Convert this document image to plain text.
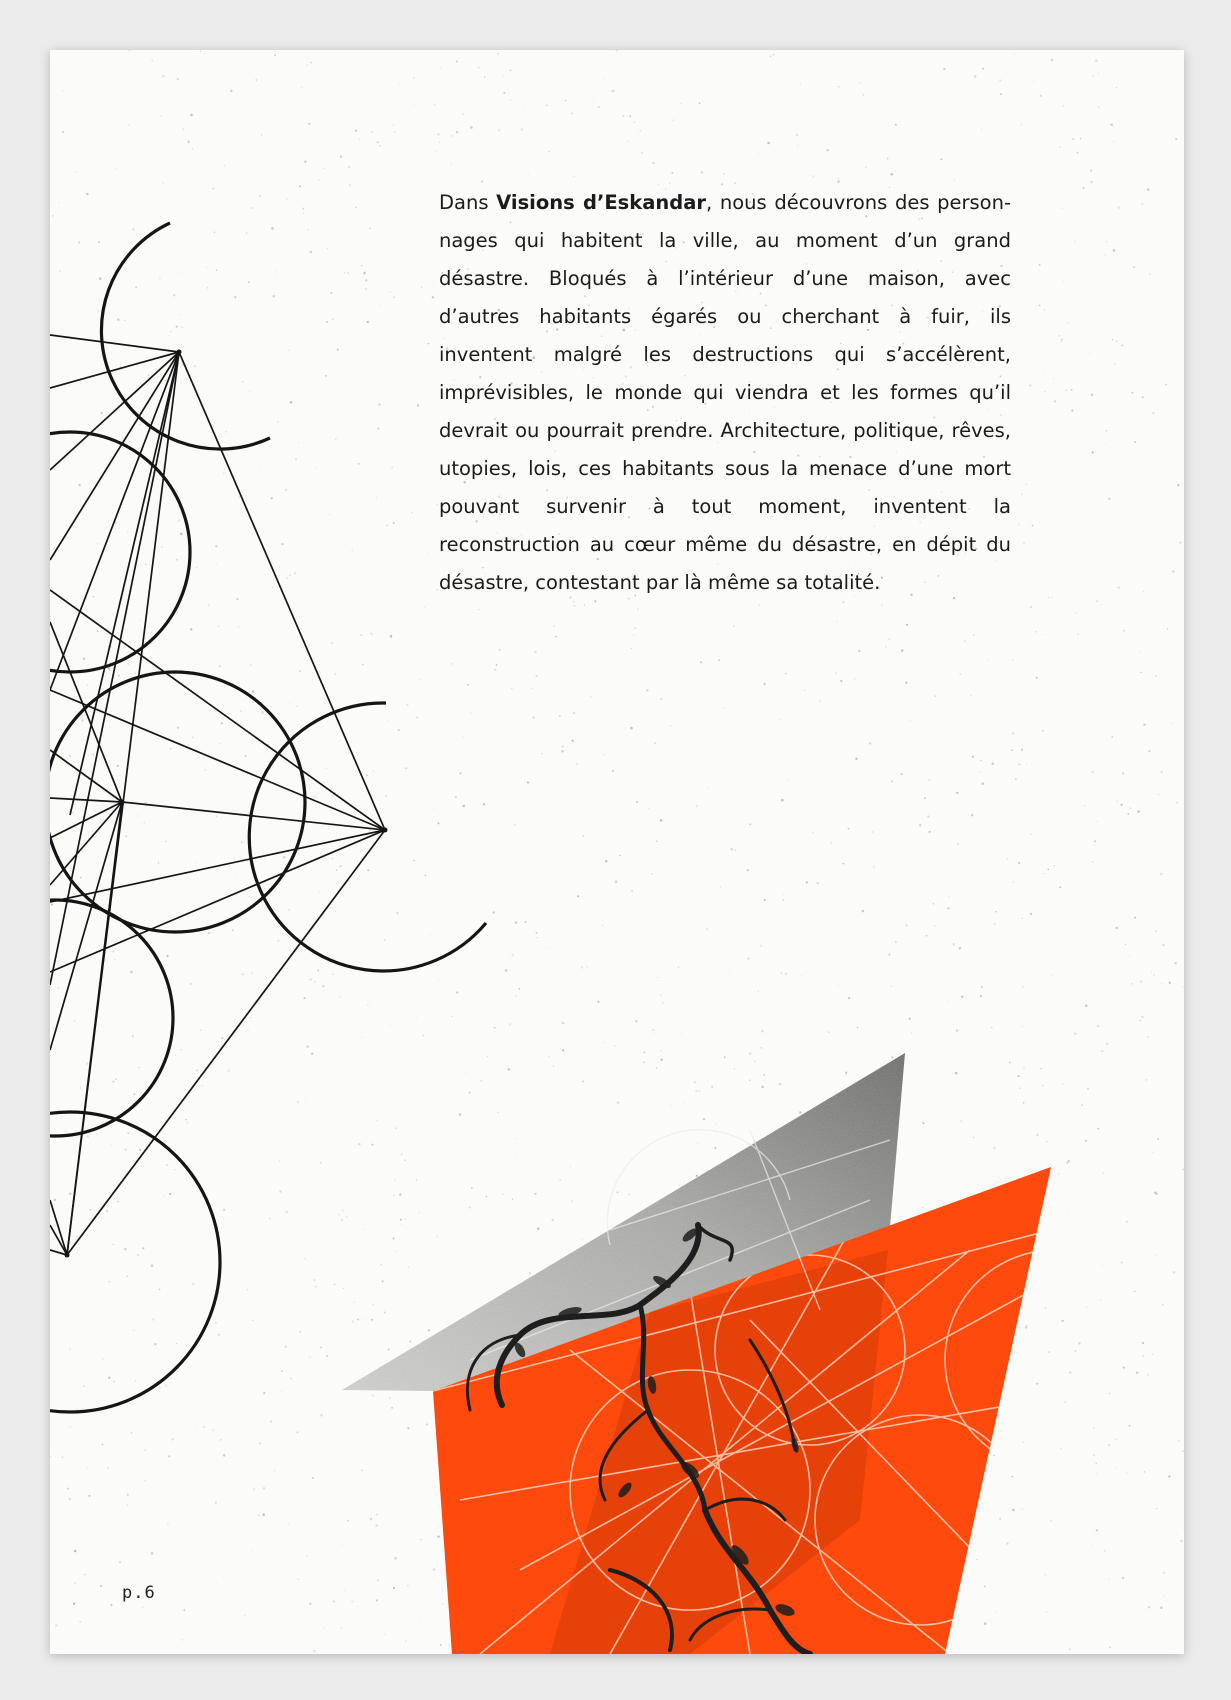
Dans Visions d’Eskandar, nous découvrons des personnages qui habitent la ville, au moment d’un grand désastre. Bloqués à l’intérieur d’une maison, avec d’autres habitants égarés ou cherchant à fuir, ils inventent malgré les destructions qui s’accélèrent, imprévisibles, le monde qui viendra et les formes qu’il devrait ou pourrait prendre. Architecture, politique, rêves, utopies, lois, ces habitants sous la menace d’une mort pouvant survenir à tout moment, inventent la reconstruction au cœur même du désastre, en dépit du désastre, contestant par là même sa totalité.

p.6
